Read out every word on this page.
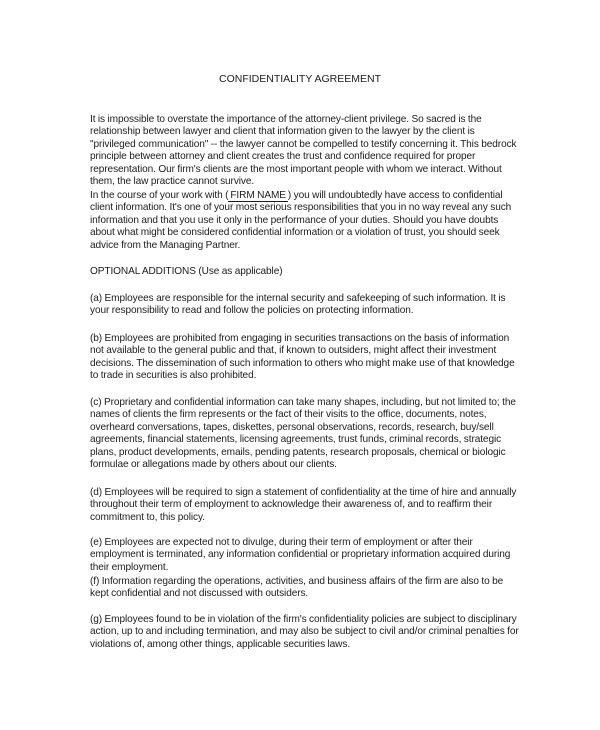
CONFIDENTIALITY AGREEMENT
It is impossible to overstate the importance of the attorney-client privilege. So sacred is the relationship between lawyer and client that information given to the lawyer by the client is "privileged communication" -- the lawyer cannot be compelled to testify concerning it. This bedrock principle between attorney and client creates the trust and confidence required for proper representation. Our firm's clients are the most important people with whom we interact. Without them, the law practice cannot survive.
In the course of your work with ( FIRM NAME ) you will undoubtedly have access to confidential client information. It's one of your most serious responsibilities that you in no way reveal any such information and that you use it only in the performance of your duties. Should you have doubts about what might be considered confidential information or a violation of trust, you should seek advice from the Managing Partner.
OPTIONAL ADDITIONS (Use as applicable)
(a) Employees are responsible for the internal security and safekeeping of such information. It is your responsibility to read and follow the policies on protecting information.
(b) Employees are prohibited from engaging in securities transactions on the basis of information not available to the general public and that, if known to outsiders, might affect their investment decisions. The dissemination of such information to others who might make use of that knowledge to trade in securities is also prohibited.
(c) Proprietary and confidential information can take many shapes, including, but not limited to; the names of clients the firm represents or the fact of their visits to the office, documents, notes, overheard conversations, tapes, diskettes, personal observations, records, research, buy/sell agreements, financial statements, licensing agreements, trust funds, criminal records, strategic plans, product developments, emails, pending patents, research proposals, chemical or biologic formulae or allegations made by others about our clients.
(d) Employees will be required to sign a statement of confidentiality at the time of hire and annually throughout their term of employment to acknowledge their awareness of, and to reaffirm their commitment to, this policy.
(e) Employees are expected not to divulge, during their term of employment or after their employment is terminated, any information confidential or proprietary information acquired during their employment.
(f) Information regarding the operations, activities, and business affairs of the firm are also to be kept confidential and not discussed with outsiders.
(g) Employees found to be in violation of the firm's confidentiality policies are subject to disciplinary action, up to and including termination, and may also be subject to civil and/or criminal penalties for violations of, among other things, applicable securities laws.
